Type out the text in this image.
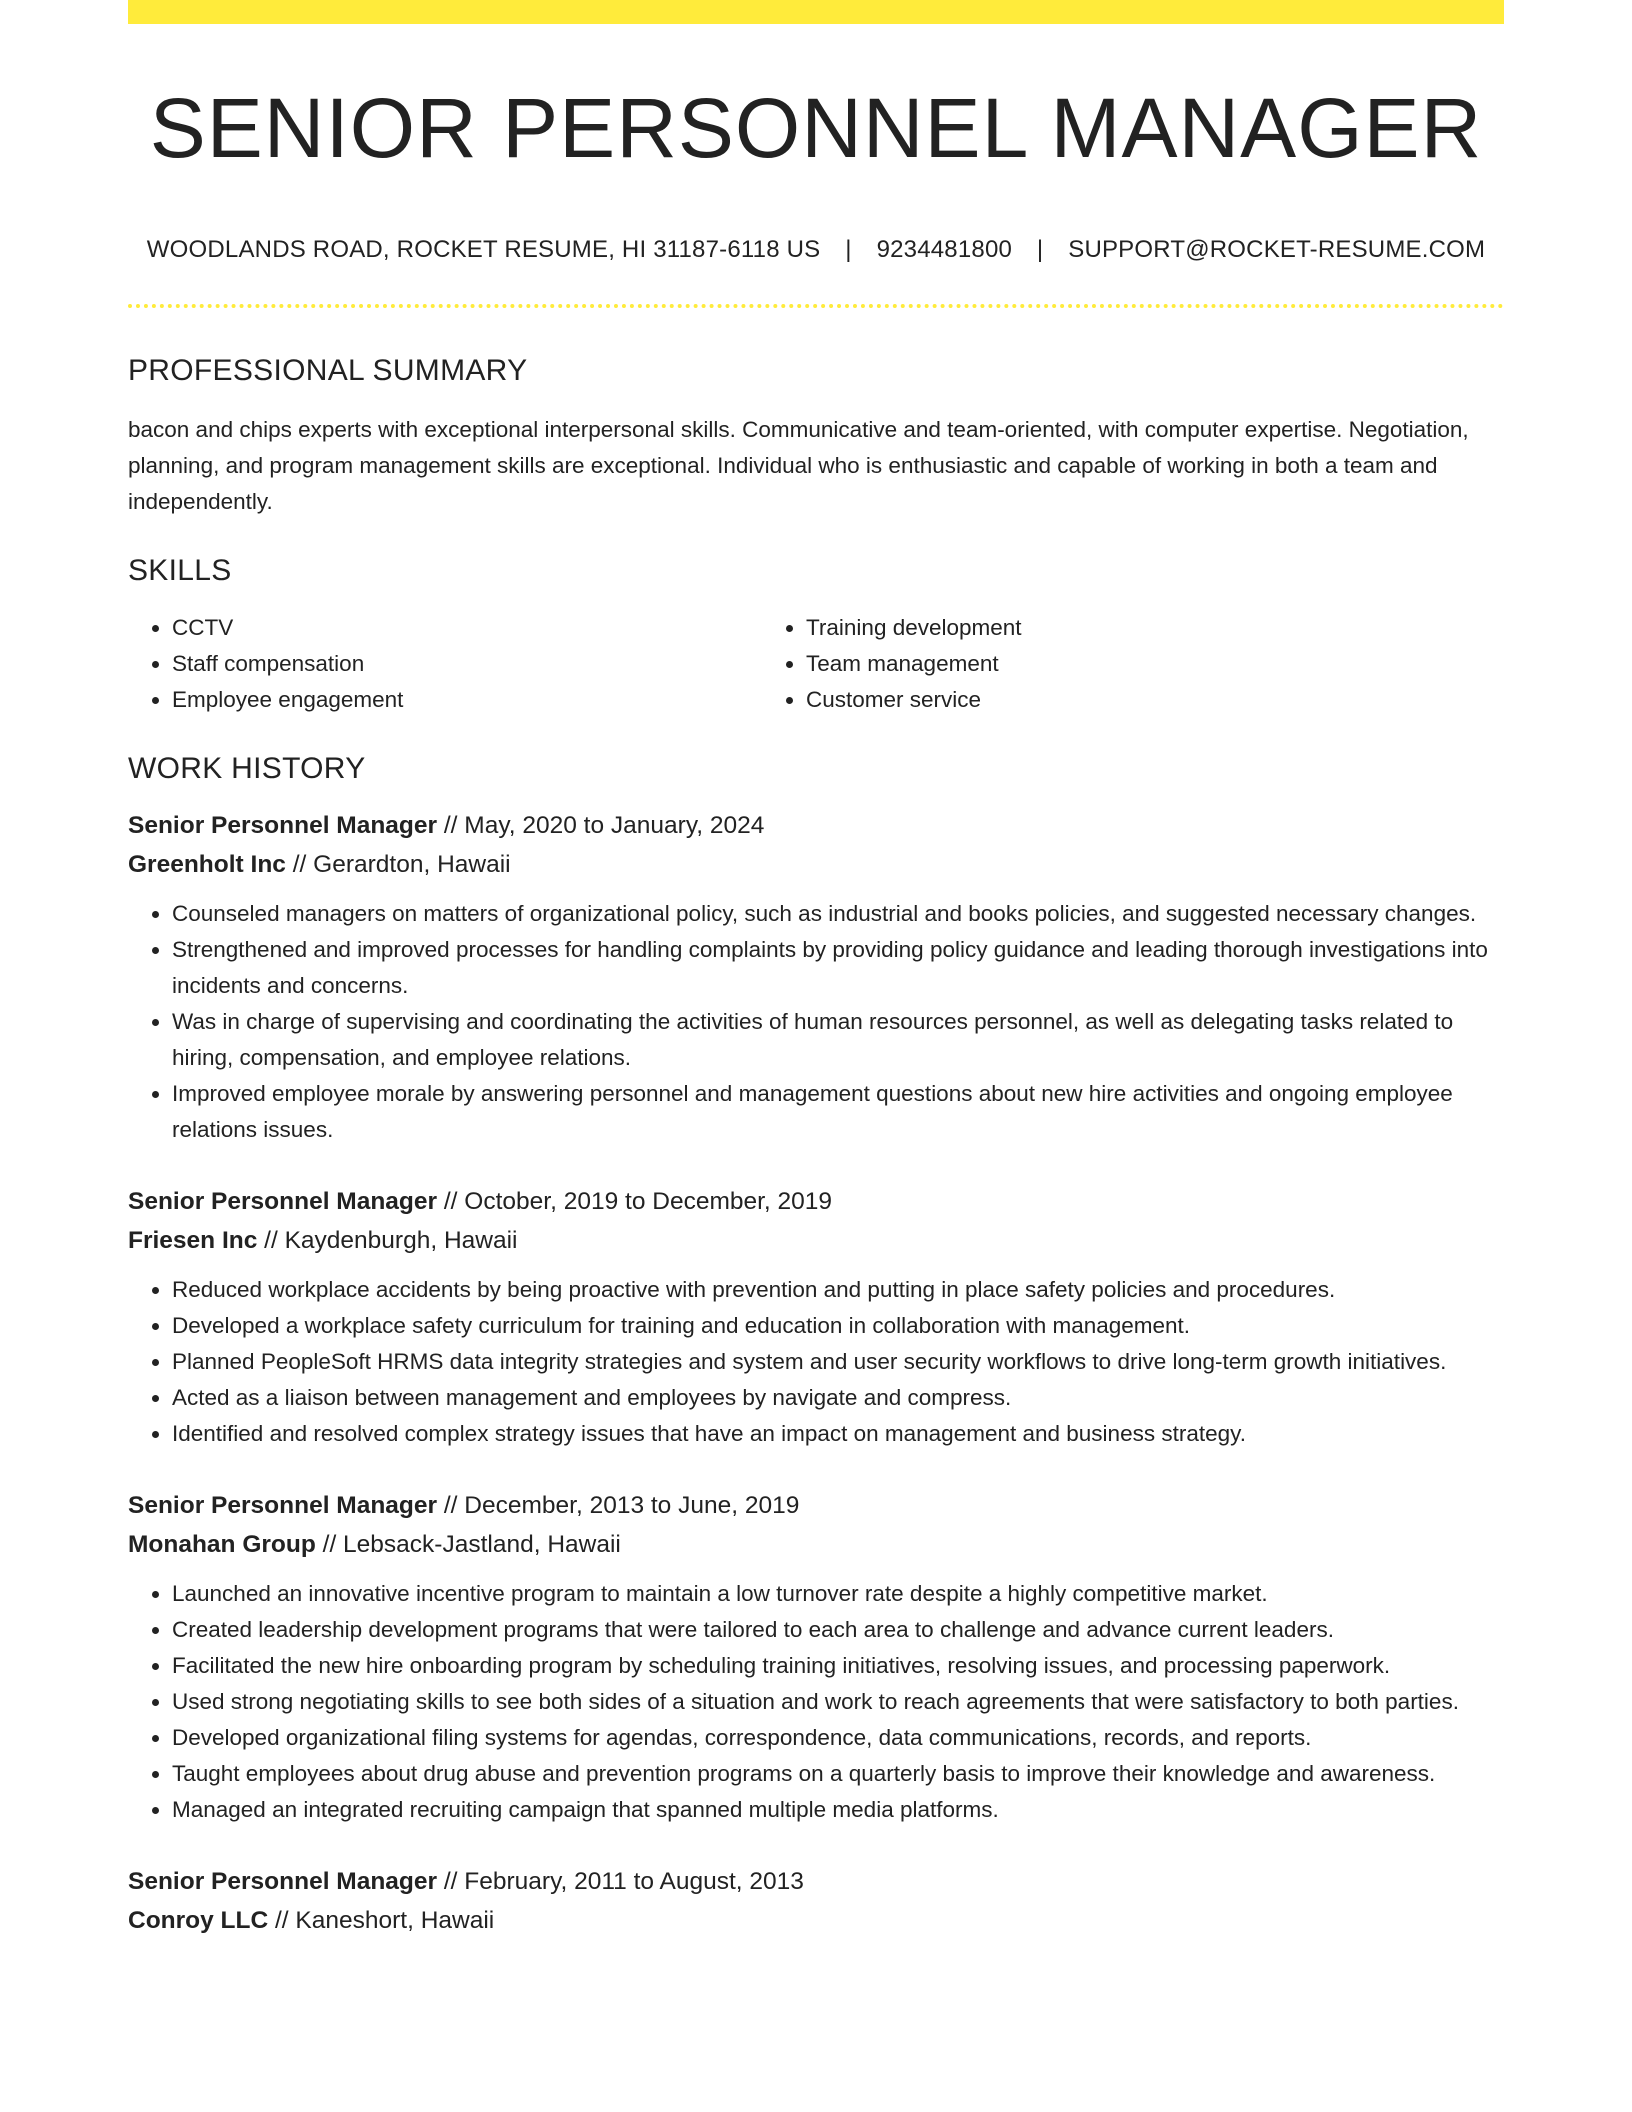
SENIOR PERSONNEL MANAGER
WOODLANDS ROAD, ROCKET RESUME, HI 31187-6118 US | 9234481800 | SUPPORT@ROCKET-RESUME.COM
PROFESSIONAL SUMMARY
bacon and chips experts with exceptional interpersonal skills. Communicative and team-oriented, with computer expertise. Negotiation, planning, and program management skills are exceptional. Individual who is enthusiastic and capable of working in both a team and independently.
SKILLS
• CCTV
• Staff compensation
• Employee engagement
• Training development
• Team management
• Customer service
WORK HISTORY
Senior Personnel Manager // May, 2020 to January, 2024
Greenholt Inc // Gerardton, Hawaii
• Counseled managers on matters of organizational policy, such as industrial and books policies, and suggested necessary changes.
• Strengthened and improved processes for handling complaints by providing policy guidance and leading thorough investigations into incidents and concerns.
• Was in charge of supervising and coordinating the activities of human resources personnel, as well as delegating tasks related to hiring, compensation, and employee relations.
• Improved employee morale by answering personnel and management questions about new hire activities and ongoing employee relations issues.
Senior Personnel Manager // October, 2019 to December, 2019
Friesen Inc // Kaydenburgh, Hawaii
• Reduced workplace accidents by being proactive with prevention and putting in place safety policies and procedures.
• Developed a workplace safety curriculum for training and education in collaboration with management.
• Planned PeopleSoft HRMS data integrity strategies and system and user security workflows to drive long-term growth initiatives.
• Acted as a liaison between management and employees by navigate and compress.
• Identified and resolved complex strategy issues that have an impact on management and business strategy.
Senior Personnel Manager // December, 2013 to June, 2019
Monahan Group // Lebsack-Jastland, Hawaii
• Launched an innovative incentive program to maintain a low turnover rate despite a highly competitive market.
• Created leadership development programs that were tailored to each area to challenge and advance current leaders.
• Facilitated the new hire onboarding program by scheduling training initiatives, resolving issues, and processing paperwork.
• Used strong negotiating skills to see both sides of a situation and work to reach agreements that were satisfactory to both parties.
• Developed organizational filing systems for agendas, correspondence, data communications, records, and reports.
• Taught employees about drug abuse and prevention programs on a quarterly basis to improve their knowledge and awareness.
• Managed an integrated recruiting campaign that spanned multiple media platforms.
Senior Personnel Manager // February, 2011 to August, 2013
Conroy LLC // Kaneshort, Hawaii
